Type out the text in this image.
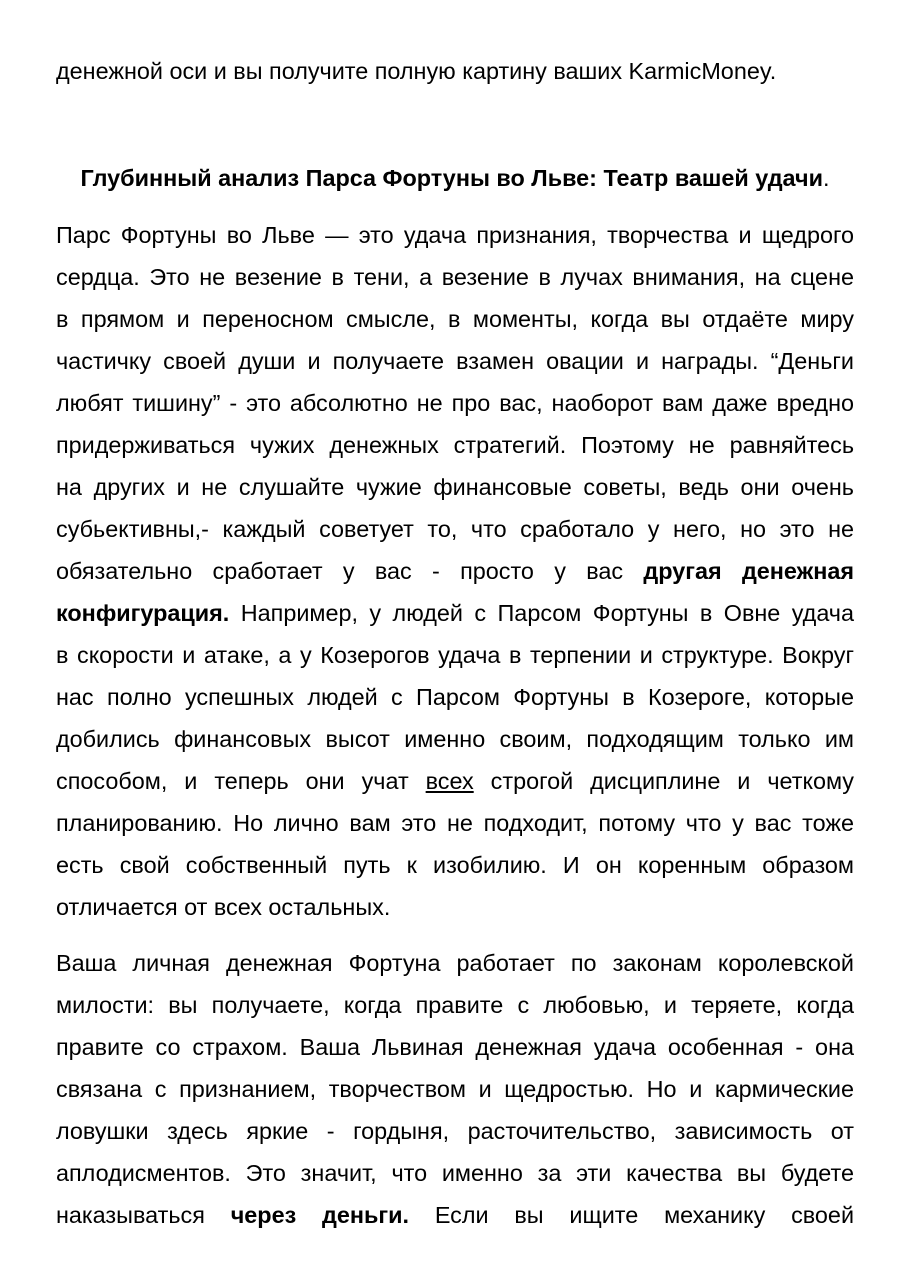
денежной оси и вы получите полную картину ваших KarmicMoney.
Глубинный анализ Парса Фортуны во Льве: Театр вашей удачи.
Парс Фортуны во Льве — это удача признания, творчества и щедрого
сердца. Это не везение в тени, а везение в лучах внимания, на сцене
в прямом и переносном смысле, в моменты, когда вы отдаёте миру
частичку своей души и получаете взамен овации и награды. “Деньги
любят тишину” - это абсолютно не про вас, наоборот вам даже вредно
придерживаться чужих денежных стратегий. Поэтому не равняйтесь
на других и не слушайте чужие финансовые советы, ведь они очень
субьективны,- каждый советует то, что сработало у него, но это не
обязательно сработает у вас - просто у вас другая денежная
конфигурация. Например, у людей с Парсом Фортуны в Овне удача
в скорости и атаке, а у Козерогов удача в терпении и структуре. Вокруг
нас полно успешных людей с Парсом Фортуны в Козероге, которые
добились финансовых высот именно своим, подходящим только им
способом, и теперь они учат всех строгой дисциплине и четкому
планированию. Но лично вам это не подходит, потому что у вас тоже
есть свой собственный путь к изобилию. И он коренным образом
отличается от всех остальных.
Ваша личная денежная Фортуна работает по законам королевской
милости: вы получаете, когда правите с любовью, и теряете, когда
правите со страхом. Ваша Львиная денежная удача особенная - она
связана с признанием, творчеством и щедростью. Но и кармические
ловушки здесь яркие - гордыня, расточительство, зависимость от
аплодисментов. Это значит, что именно за эти качества вы будете
наказываться через деньги. Если вы ищите механику своей
